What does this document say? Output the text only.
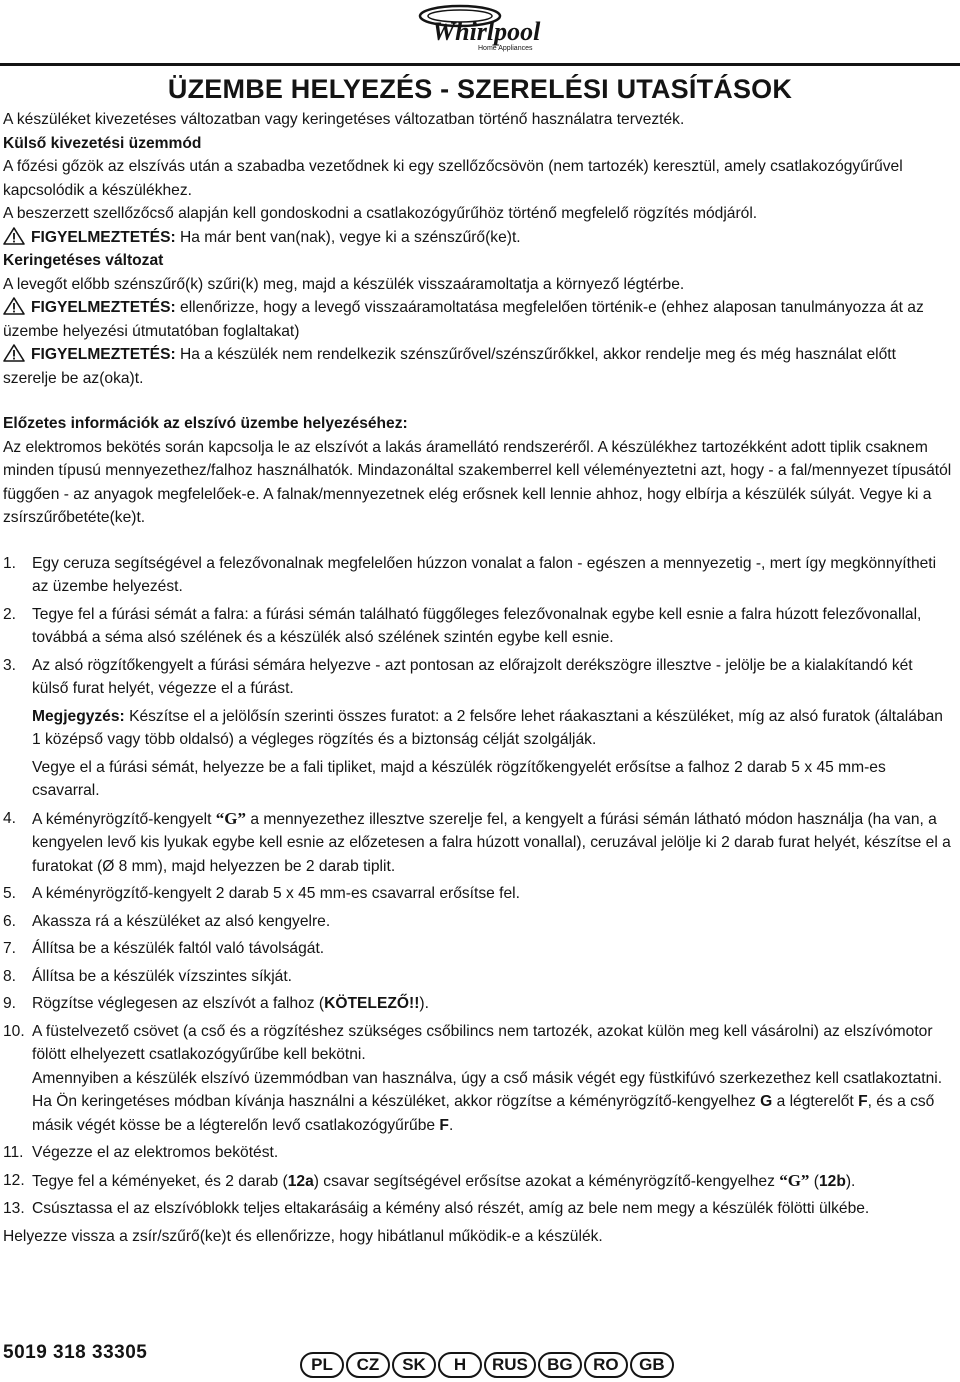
Whirlpool
Home Appliances
ÜZEMBE HELYEZÉS - SZERELÉSI UTASÍTÁSOK

A készüléket kivezetéses változatban vagy keringetéses változatban történő használatra tervezték.

Külső kivezetési üzemmód

A főzési gőzök az elszívás után a szabadba vezetődnek ki egy szellőzőcsövön (nem tartozék) keresztül, amely csatlakozógyűrűvel kapcsolódik a készülékhez.

A beszerzett szellőzőcső alapján kell gondoskodni a csatlakozógyűrűhöz történő megfelelő rögzítés módjáról.

FIGYELMEZTETÉS: Ha már bent van(nak), vegye ki a szénszűrő(ke)t.

Keringetéses változat

A levegőt előbb szénszűrő(k) szűri(k) meg, majd a készülék visszaáramoltatja a környező légtérbe.

FIGYELMEZTETÉS: ellenőrizze, hogy a levegő visszaáramoltatása megfelelően történik-e (ehhez alaposan tanulmányozza át az üzembe helyezési útmutatóban foglaltakat)

FIGYELMEZTETÉS: Ha a készülék nem rendelkezik szénszűrővel/szénszűrőkkel, akkor rendelje meg és még használat előtt szerelje be az(oka)t.

Előzetes információk az elszívó üzembe helyezéséhez:

Az elektromos bekötés során kapcsolja le az elszívót a lakás áramellátó rendszeréről. A készülékhez tartozékként adott tiplik csaknem minden típusú mennyezethez/falhoz használhatók. Mindazonáltal szakemberrel kell véleményeztetni azt, hogy - a fal/mennyezet típusától függően - az anyagok megfelelőek-e. A falnak/mennyezetnek elég erősnek kell lennie ahhoz, hogy elbírja a készülék súlyát. Vegye ki a zsírszűrőbetéte(ke)t.

1. Egy ceruza segítségével a felezővonalnak megfelelően húzzon vonalat a falon - egészen a mennyezetig -, mert így megkönnyítheti az üzembe helyezést.
2. Tegye fel a fúrási sémát a falra: a fúrási sémán található függőleges felezővonalnak egybe kell esnie a falra húzott felezővonallal, továbbá a séma alsó szélének és a készülék alsó szélének szintén egybe kell esnie.
3. Az alsó rögzítőkengyelt a fúrási sémára helyezve - azt pontosan az előrajzolt derékszögre illesztve - jelölje be a kialakítandó két külső furat helyét, végezze el a fúrást.
Megjegyzés: Készítse el a jelölősín szerinti összes furatot: a 2 felsőre lehet ráakasztani a készüléket, míg az alsó furatok (általában 1 középső vagy több oldalsó) a végleges rögzítés és a biztonság célját szolgálják.
Vegye el a fúrási sémát, helyezze be a fali tipliket, majd a készülék rögzítőkengyelét erősítse a falhoz 2 darab 5 x 45 mm-es csavarral.
4. A kéményrögzítő-kengyelt “G” a mennyezethez illesztve szerelje fel, a kengyelt a fúrási sémán látható módon használja (ha van, a kengyelen levő kis lyukak egybe kell esnie az előzetesen a falra húzott vonallal), ceruzával jelölje ki 2 darab furat helyét, készítse el a furatokat (Ø 8 mm), majd helyezzen be 2 darab tiplit.
5. A kéményrögzítő-kengyelt 2 darab 5 x 45 mm-es csavarral erősítse fel.
6. Akassza rá a készüléket az alsó kengyelre.
7. Állítsa be a készülék faltól való távolságát.
8. Állítsa be a készülék vízszintes síkját.
9. Rögzítse véglegesen az elszívót a falhoz (KÖTELEZŐ!!).
10. A füstelvezető csövet (a cső és a rögzítéshez szükséges csőbilincs nem tartozék, azokat külön meg kell vásárolni) az elszívómotor fölött elhelyezett csatlakozógyűrűbe kell bekötni.
Amennyiben a készülék elszívó üzemmódban van használva, úgy a cső másik végét egy füstkifúvó szerkezethez kell csatlakoztatni. Ha Ön keringetéses módban kívánja használni a készüléket, akkor rögzítse a kéményrögzítő-kengyelhez G a légterelőt F, és a cső másik végét kösse be a légterelőn levő csatlakozógyűrűbe F.
11. Végezze el az elektromos bekötést.
12. Tegye fel a kéményeket, és 2 darab (12a) csavar segítségével erősítse azokat a kéményrögzítő-kengyelhez “G” (12b).
13. Csúsztassa el az elszívóblokk teljes eltakarásáig a kémény alsó részét, amíg az bele nem megy a készülék fölötti ülkébe.

Helyezze vissza a zsír/szűrő(ke)t és ellenőrizze, hogy hibátlanul működik-e a készülék.

5019 318 33305
PL	CZ	SK	H	RUS	BG	RO	GB
